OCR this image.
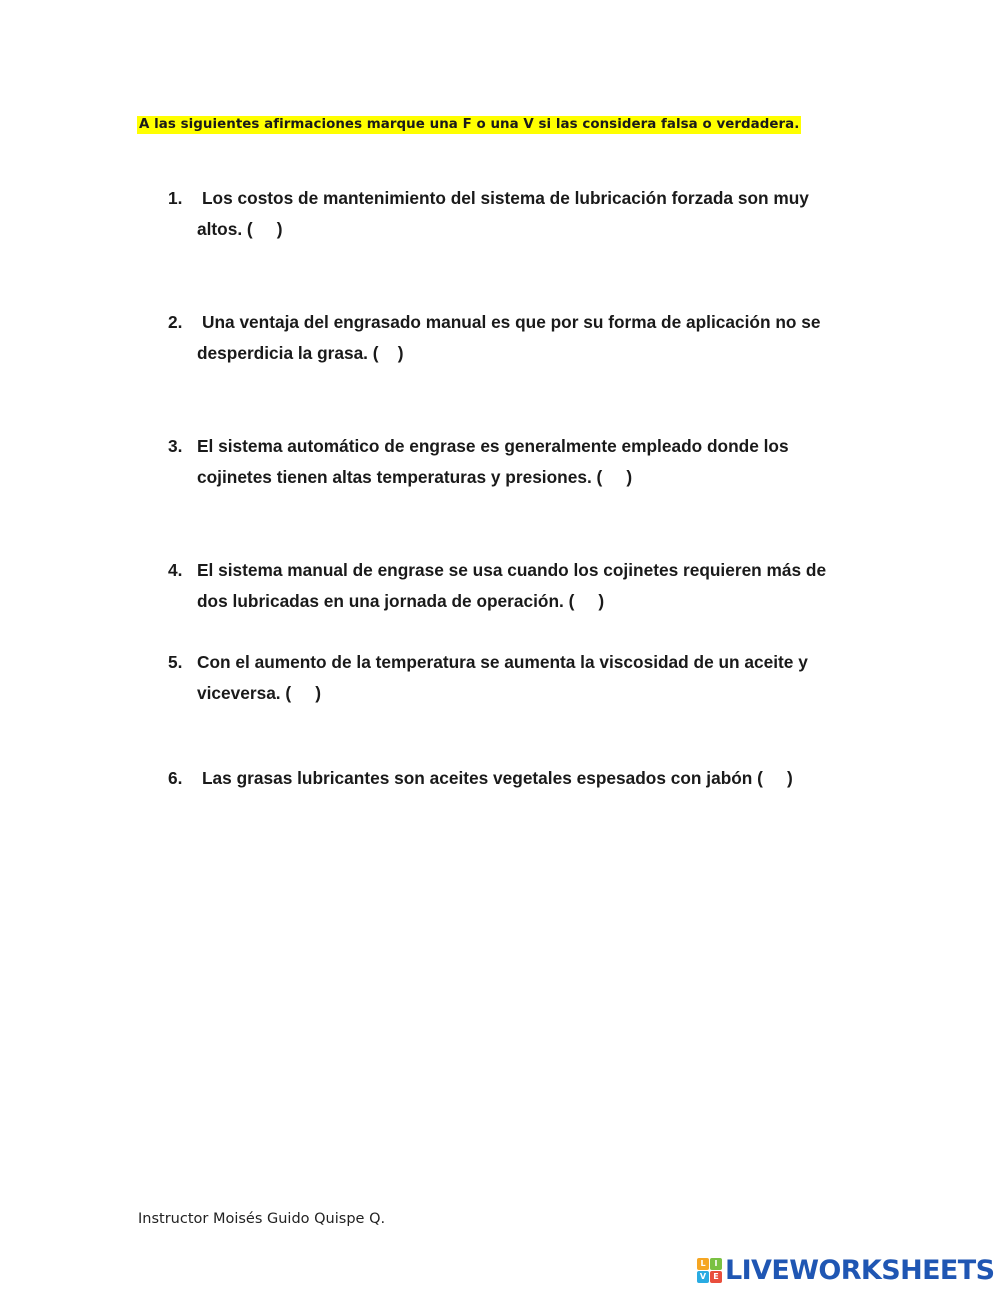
A las siguientes afirmaciones marque una F o una V si las considera falsa o verdadera.
1. Los costos de mantenimiento del sistema de lubricación forzada son muy
altos. ( )
2. Una ventaja del engrasado manual es que por su forma de aplicación no se
desperdicia la grasa. ( )
3. El sistema automático de engrase es generalmente empleado donde los
cojinetes tienen altas temperaturas y presiones. ( )
4. El sistema manual de engrase se usa cuando los cojinetes requieren más de
dos lubricadas en una jornada de operación. ( )
5. Con el aumento de la temperatura se aumenta la viscosidad de un aceite y
viceversa. ( )
6. Las grasas lubricantes son aceites vegetales espesados con jabón ( )
Instructor Moisés Guido Quispe Q.
L	I
V E LIVEWORKSHEETS
